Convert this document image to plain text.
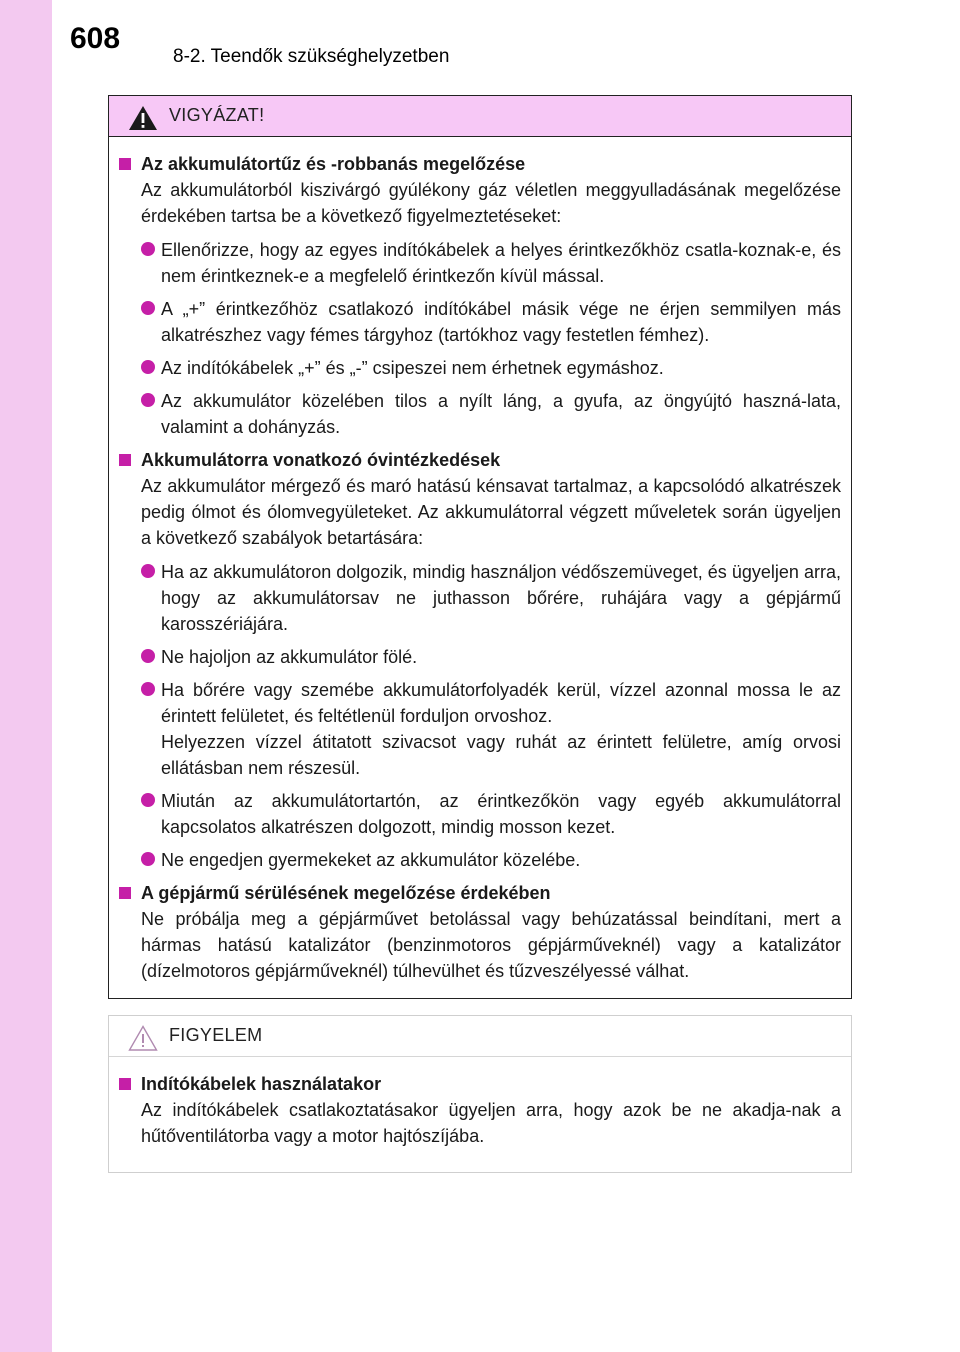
608
8-2. Teendők szükséghelyzetben
VIGYÁZAT!
Az akkumulátortűz és -robbanás megelőzése

Az akkumulátorból kiszivárgó gyúlékony gáz véletlen meggyulladásának megelőzése érdekében tartsa be a következő figyelmeztetéseket:

Ellenőrizze, hogy az egyes indítókábelek a helyes érintkezőkhöz csatla-koznak-e, és nem érintkeznek-e a megfelelő érintkezőn kívül mással.

A „+” érintkezőhöz csatlakozó indítókábel másik vége ne érjen semmilyen más alkatrészhez vagy fémes tárgyhoz (tartókhoz vagy festetlen fémhez).

Az indítókábelek „+” és „-” csipeszei nem érhetnek egymáshoz.

Az akkumulátor közelében tilos a nyílt láng, a gyufa, az öngyújtó haszná-lata, valamint a dohányzás.

Akkumulátorra vonatkozó óvintézkedések

Az akkumulátor mérgező és maró hatású kénsavat tartalmaz, a kapcsolódó alkatrészek pedig ólmot és ólomvegyületeket. Az akkumulátorral végzett műveletek során ügyeljen a következő szabályok betartására:

Ha az akkumulátoron dolgozik, mindig használjon védőszemüveget, és ügyeljen arra, hogy az akkumulátorsav ne juthasson bőrére, ruhájára vagy a gépjármű karosszériájára.

Ne hajoljon az akkumulátor fölé.

Ha bőrére vagy szemébe akkumulátorfolyadék kerül, vízzel azonnal mossa le az érintett felületet, és feltétlenül forduljon orvoshoz.

Helyezzen vízzel átitatott szivacsot vagy ruhát az érintett felületre, amíg orvosi ellátásban nem részesül.

Miután az akkumulátortartón, az érintkezőkön vagy egyéb akkumulátorral kapcsolatos alkatrészen dolgozott, mindig mosson kezet.

Ne engedjen gyermekeket az akkumulátor közelébe.

A gépjármű sérülésének megelőzése érdekében

Ne próbálja meg a gépjárművet betolással vagy behúzatással beindítani, mert a hármas hatású katalizátor (benzinmotoros gépjárműveknél) vagy a katalizátor (dízelmotoros gépjárműveknél) túlhevülhet és tűzveszélyessé válhat.

FIGYELEM
Indítókábelek használatakor

Az indítókábelek csatlakoztatásakor ügyeljen arra, hogy azok be ne akadja-nak a hűtőventilátorba vagy a motor hajtószíjába.
